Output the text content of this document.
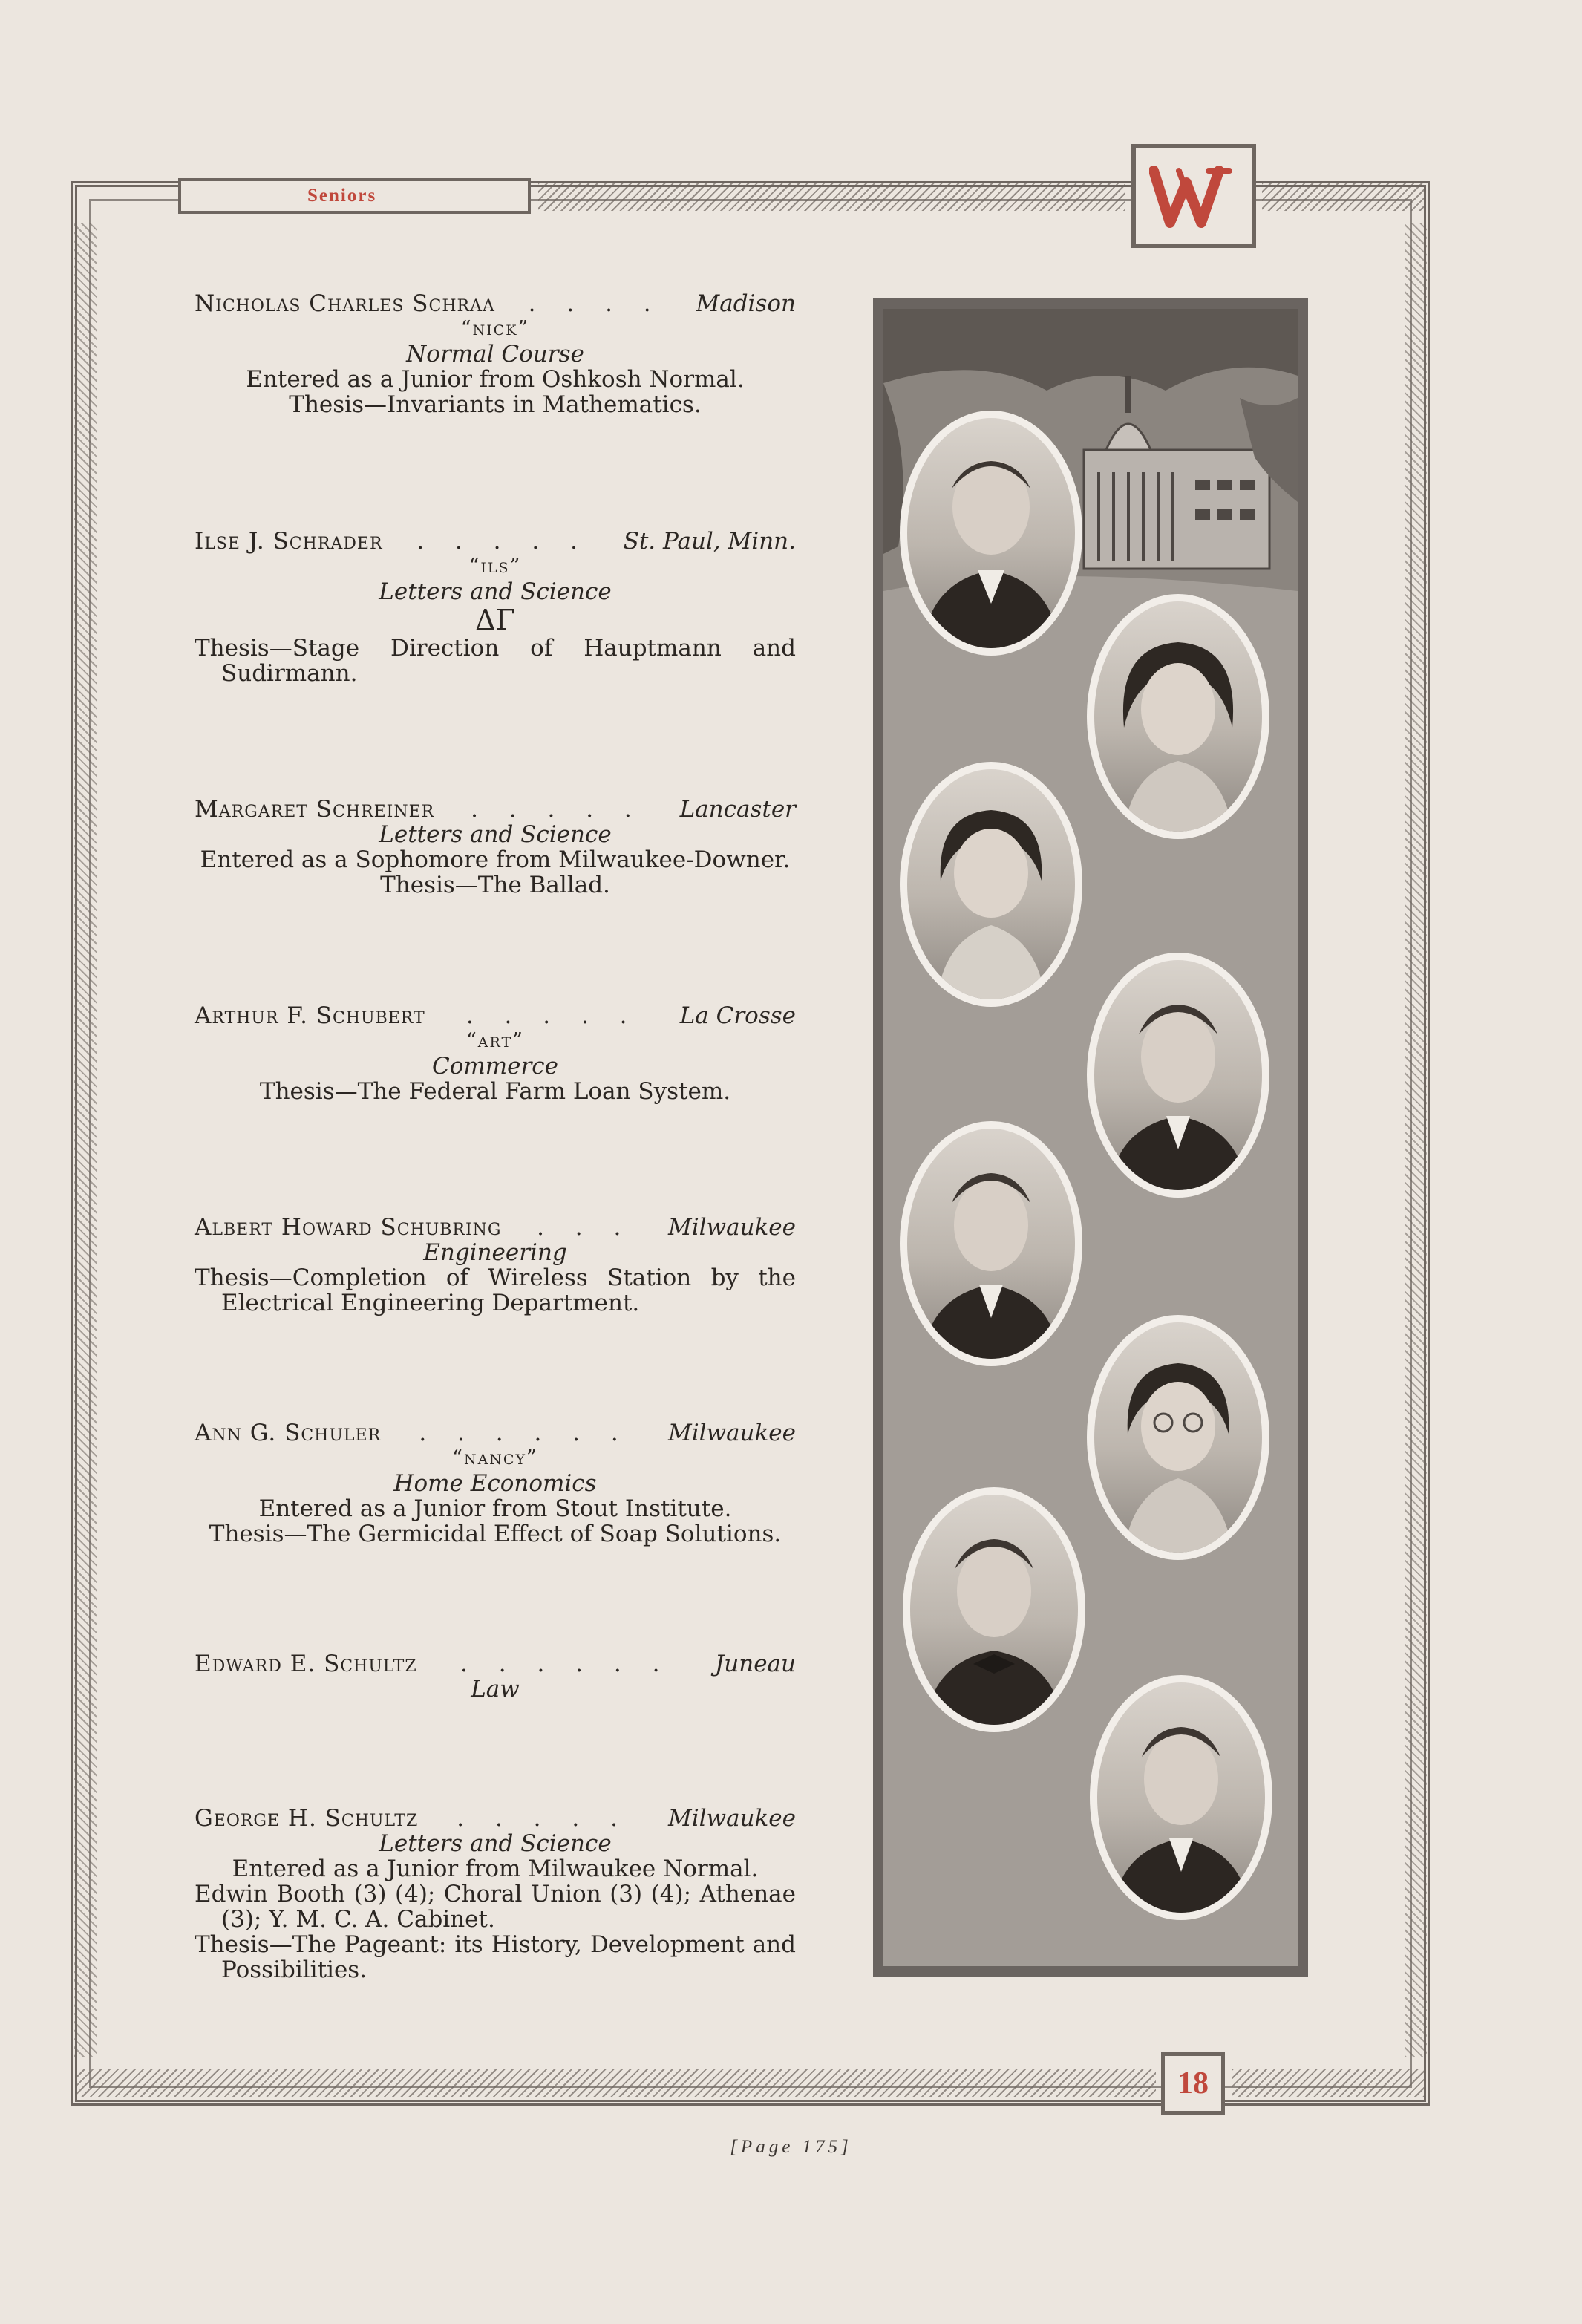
Seniors
Nicholas Charles Schraa	. . . .	Madison
“nick”
Normal Course
Entered as a Junior from Oshkosh Normal.
Thesis—Invariants in Mathematics.
Ilse J. Schrader	. . . . .	St. Paul, Minn.
“ils”
Letters and Science
ΔΓ
Thesis—Stage Direction of Hauptmann and Sudirmann.
Margaret Schreiner	. . . . .	Lancaster
Letters and Science
Entered as a Sophomore from Milwaukee-Downer.
Thesis—The Ballad.
Arthur F. Schubert	. . . . .	La Crosse
“art”
Commerce
Thesis—The Federal Farm Loan System.
Albert Howard Schubring	. . .	Milwaukee
Engineering
Thesis—Completion of Wireless Station by the Electrical Engineering Department.
Ann G. Schuler	. . . . . .	Milwaukee
“nancy”
Home Economics
Entered as a Junior from Stout Institute.
Thesis—The Germicidal Effect of Soap Solutions.
Edward E. Schultz	. . . . . .	Juneau
Law
George H. Schultz	. . . . .	Milwaukee
Letters and Science
Entered as a Junior from Milwaukee Normal.
Edwin Booth (3) (4); Choral Union (3) (4); Athenae (3); Y. M. C. A. Cabinet.
Thesis—The Pageant: its History, Development and Possibilities.
18
[Page 175]
